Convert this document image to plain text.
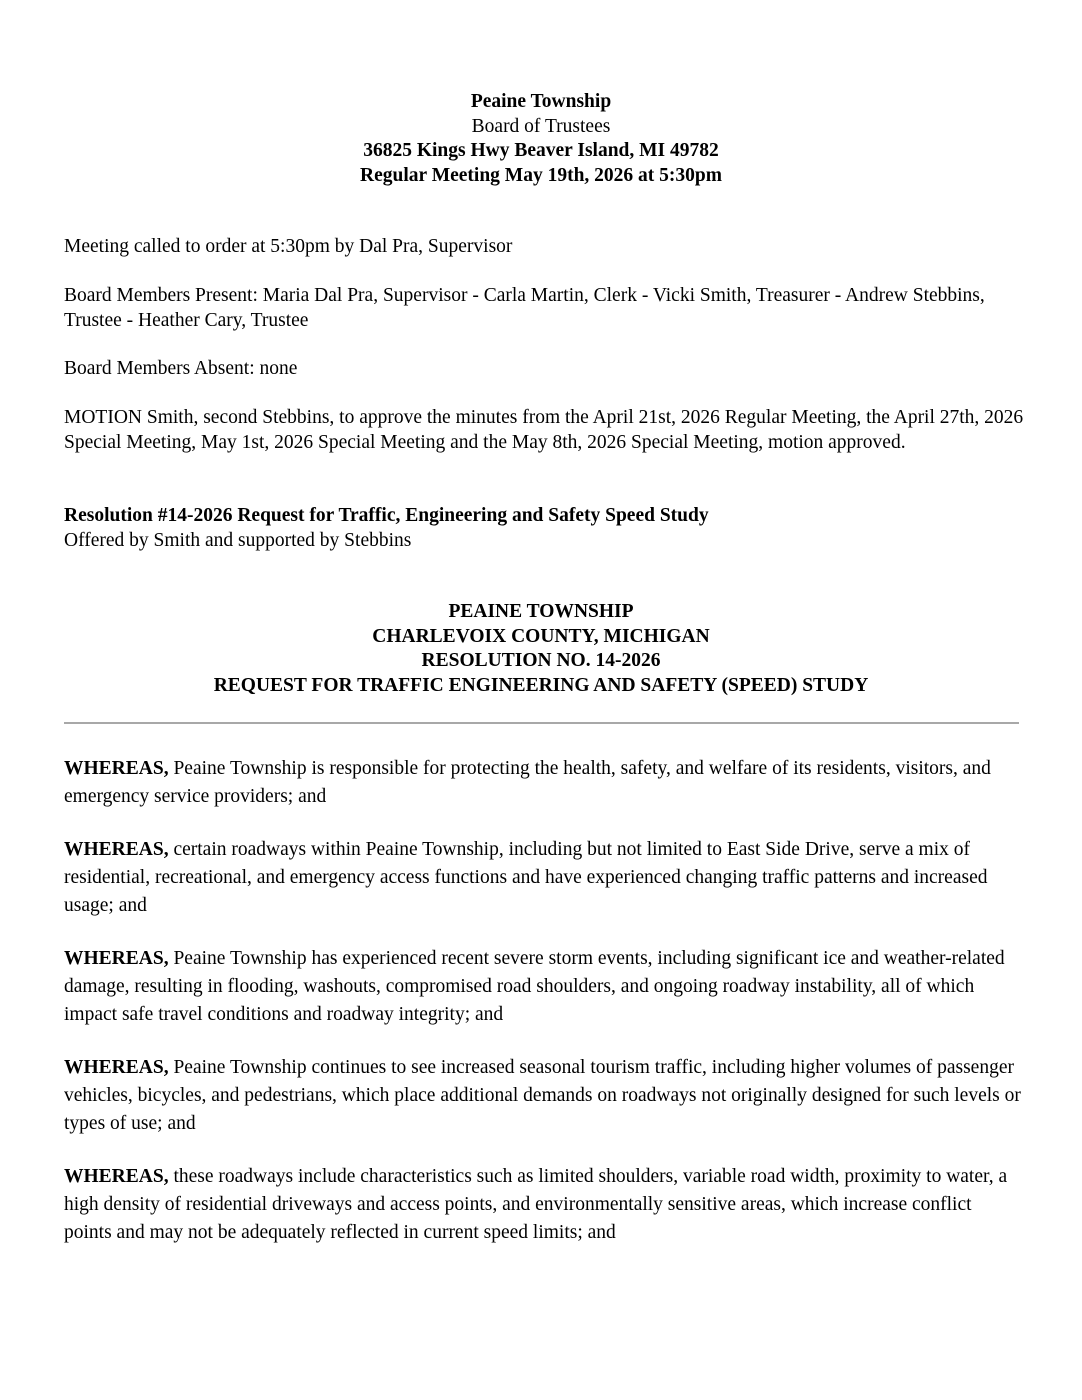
Peaine Township
Board of Trustees
36825 Kings Hwy Beaver Island, MI 49782
Regular Meeting May 19th, 2026 at 5:30pm

Meeting called to order at 5:30pm by Dal Pra, Supervisor

Board Members Present: Maria Dal Pra, Supervisor - Carla Martin, Clerk - Vicki Smith, Treasurer - Andrew Stebbins, Trustee - Heather Cary, Trustee

Board Members Absent: none

MOTION Smith, second Stebbins, to approve the minutes from the April 21st, 2026 Regular Meeting, the April 27th, 2026 Special Meeting, May 1st, 2026 Special Meeting and the May 8th, 2026 Special Meeting, motion approved.

Resolution #14-2026 Request for Traffic, Engineering and Safety Speed Study

Offered by Smith and supported by Stebbins

PEAINE TOWNSHIP
CHARLEVOIX COUNTY, MICHIGAN
RESOLUTION NO. 14-2026
REQUEST FOR TRAFFIC ENGINEERING AND SAFETY (SPEED) STUDY

WHEREAS, Peaine Township is responsible for protecting the health, safety, and welfare of its residents, visitors, and emergency service providers; and

WHEREAS, certain roadways within Peaine Township, including but not limited to East Side Drive, serve a mix of residential, recreational, and emergency access functions and have experienced changing traffic patterns and increased usage; and

WHEREAS, Peaine Township has experienced recent severe storm events, including significant ice and weather-related damage, resulting in flooding, washouts, compromised road shoulders, and ongoing roadway instability, all of which impact safe travel conditions and roadway integrity; and

WHEREAS, Peaine Township continues to see increased seasonal tourism traffic, including higher volumes of passenger vehicles, bicycles, and pedestrians, which place additional demands on roadways not originally designed for such levels or types of use; and

WHEREAS, these roadways include characteristics such as limited shoulders, variable road width, proximity to water, a high density of residential driveways and access points, and environmentally sensitive areas, which increase conflict points and may not be adequately reflected in current speed limits; and
